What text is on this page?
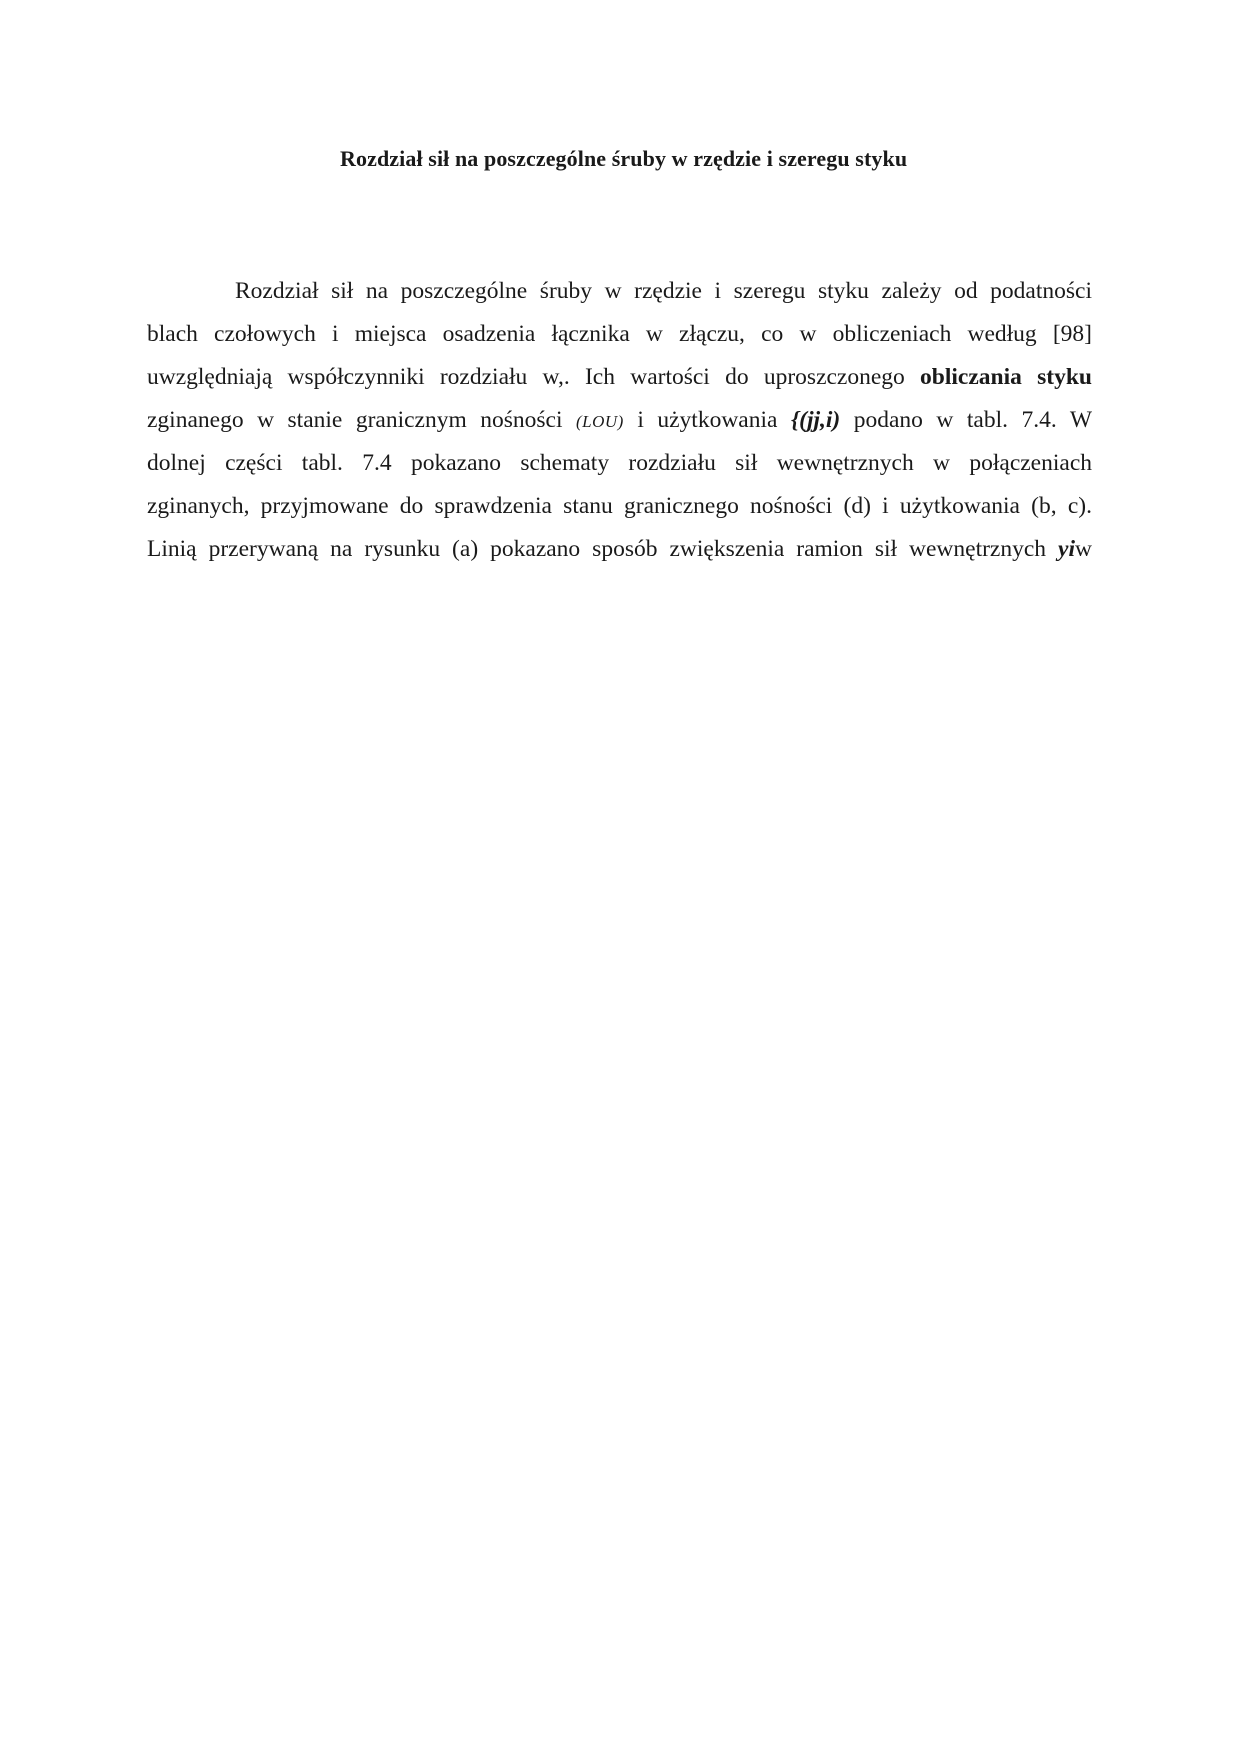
Rozdział sił na poszczególne śruby w rzędzie i szeregu styku
Rozdział sił na poszczególne śruby w rzędzie i szeregu styku zależy od podatności
blach czołowych i miejsca osadzenia łącznika w złączu, co w obliczeniach według [98]
uwzględniają współczynniki rozdziału w,. Ich wartości do uproszczonego obliczania styku
zginanego w stanie granicznym nośności (LOU) i użytkowania {(jj,i) podano w tabl. 7.4. W
dolnej części tabl. 7.4 pokazano schematy rozdziału sił wewnętrznych w połączeniach
zginanych, przyjmowane do sprawdzenia stanu granicznego nośności (d) i użytkowania (b, c).
Linią przerywaną na rysunku (a) pokazano sposób zwiększenia ramion sił wewnętrznych yiw
